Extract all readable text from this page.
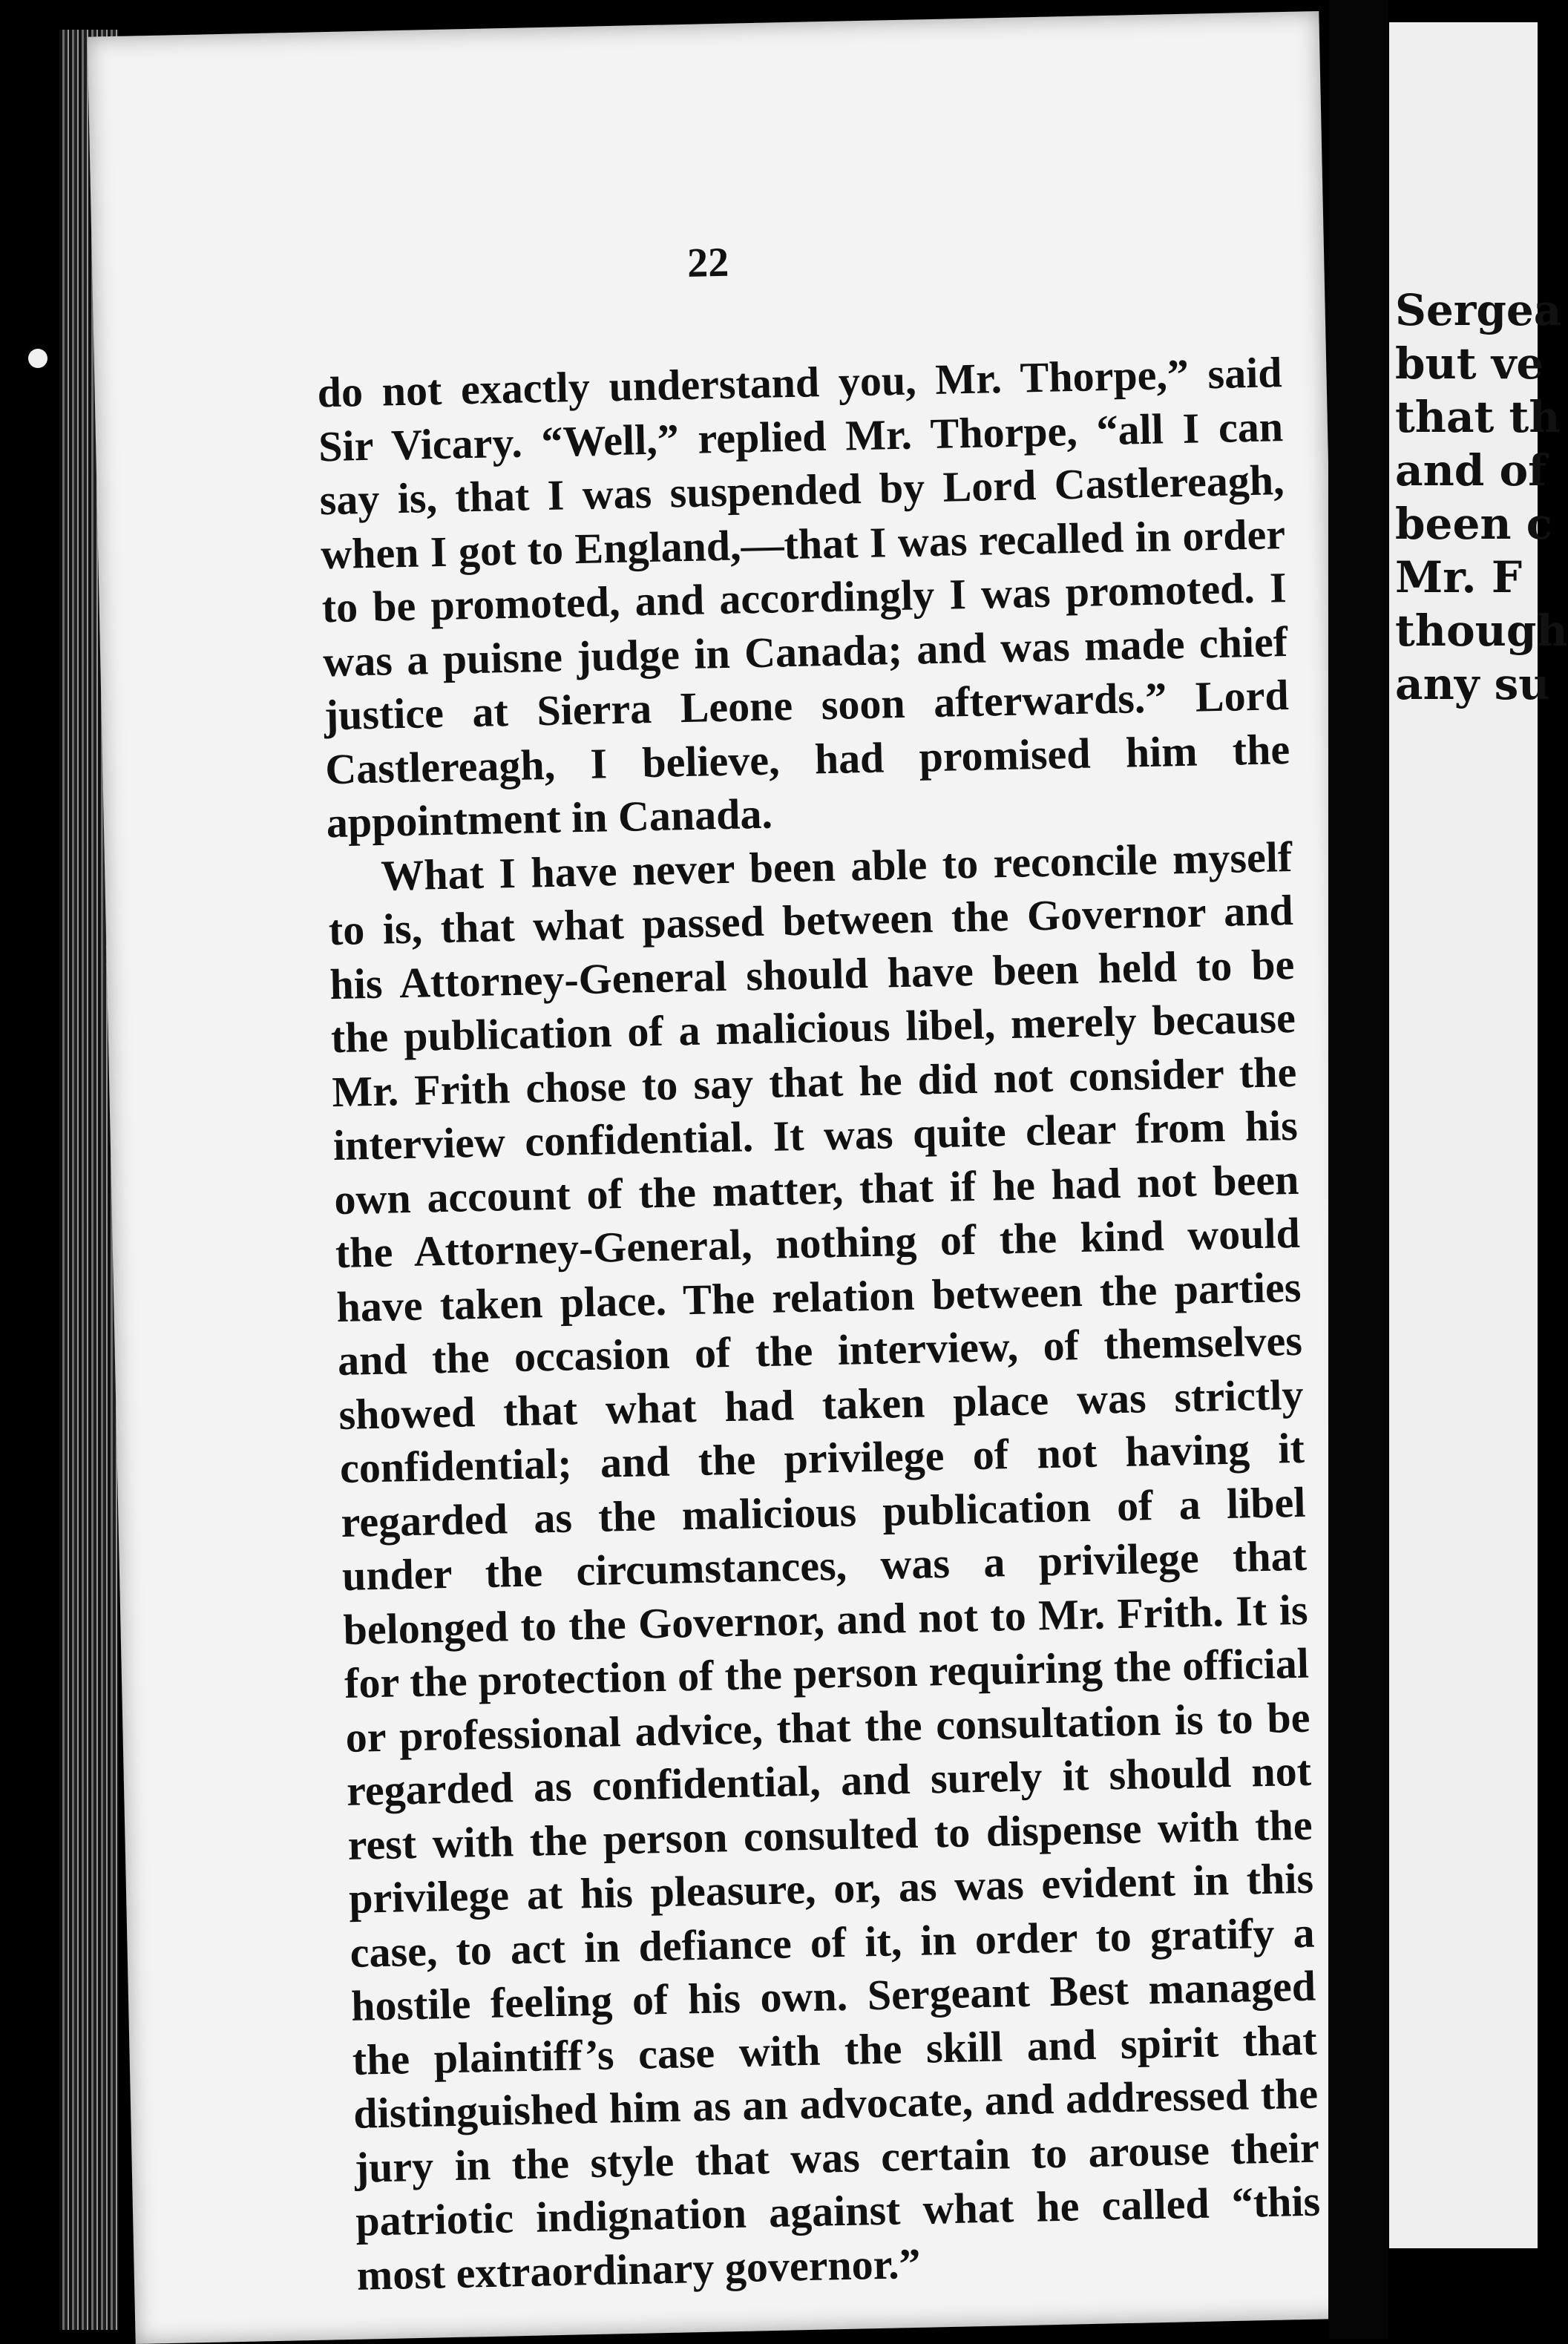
22

do not exactly understand you, Mr. Thorpe,” said Sir Vicary. “Well,” replied Mr. Thorpe, “all I can say is, that I was suspended by Lord Castlereagh, when I got to England,—that I was recalled in order to be promoted, and accordingly I was promoted. I was a puisne judge in Canada; and was made chief justice at Sierra Leone soon afterwards.” Lord Castlereagh, I believe, had promised him the appointment in Canada.

What I have never been able to reconcile myself to is, that what passed between the Governor and his Attorney-General should have been held to be the publication of a malicious libel, merely because Mr. Frith chose to say that he did not consider the interview confidential. It was quite clear from his own account of the matter, that if he had not been the Attorney-General, nothing of the kind would have taken place. The relation between the parties and the occasion of the interview, of themselves showed that what had taken place was strictly confidential; and the privilege of not having it regarded as the malicious publication of a libel under the circumstances, was a privilege that belonged to the Governor, and not to Mr. Frith. It is for the protection of the person requiring the official or professional advice, that the consultation is to be regarded as confidential, and surely it should not rest with the person consulted to dispense with the privilege at his pleasure, or, as was evident in this case, to act in defiance of it, in order to gratify a hostile feeling of his own. Sergeant Best managed the plaintiff’s case with the skill and spirit that distinguished him as an advocate, and addressed the jury in the style that was certain to arouse their patriotic indignation against what he called “this most extraordinary governor.”

Sergea

but ve

that th

and of

been c

Mr. F

though

any su
